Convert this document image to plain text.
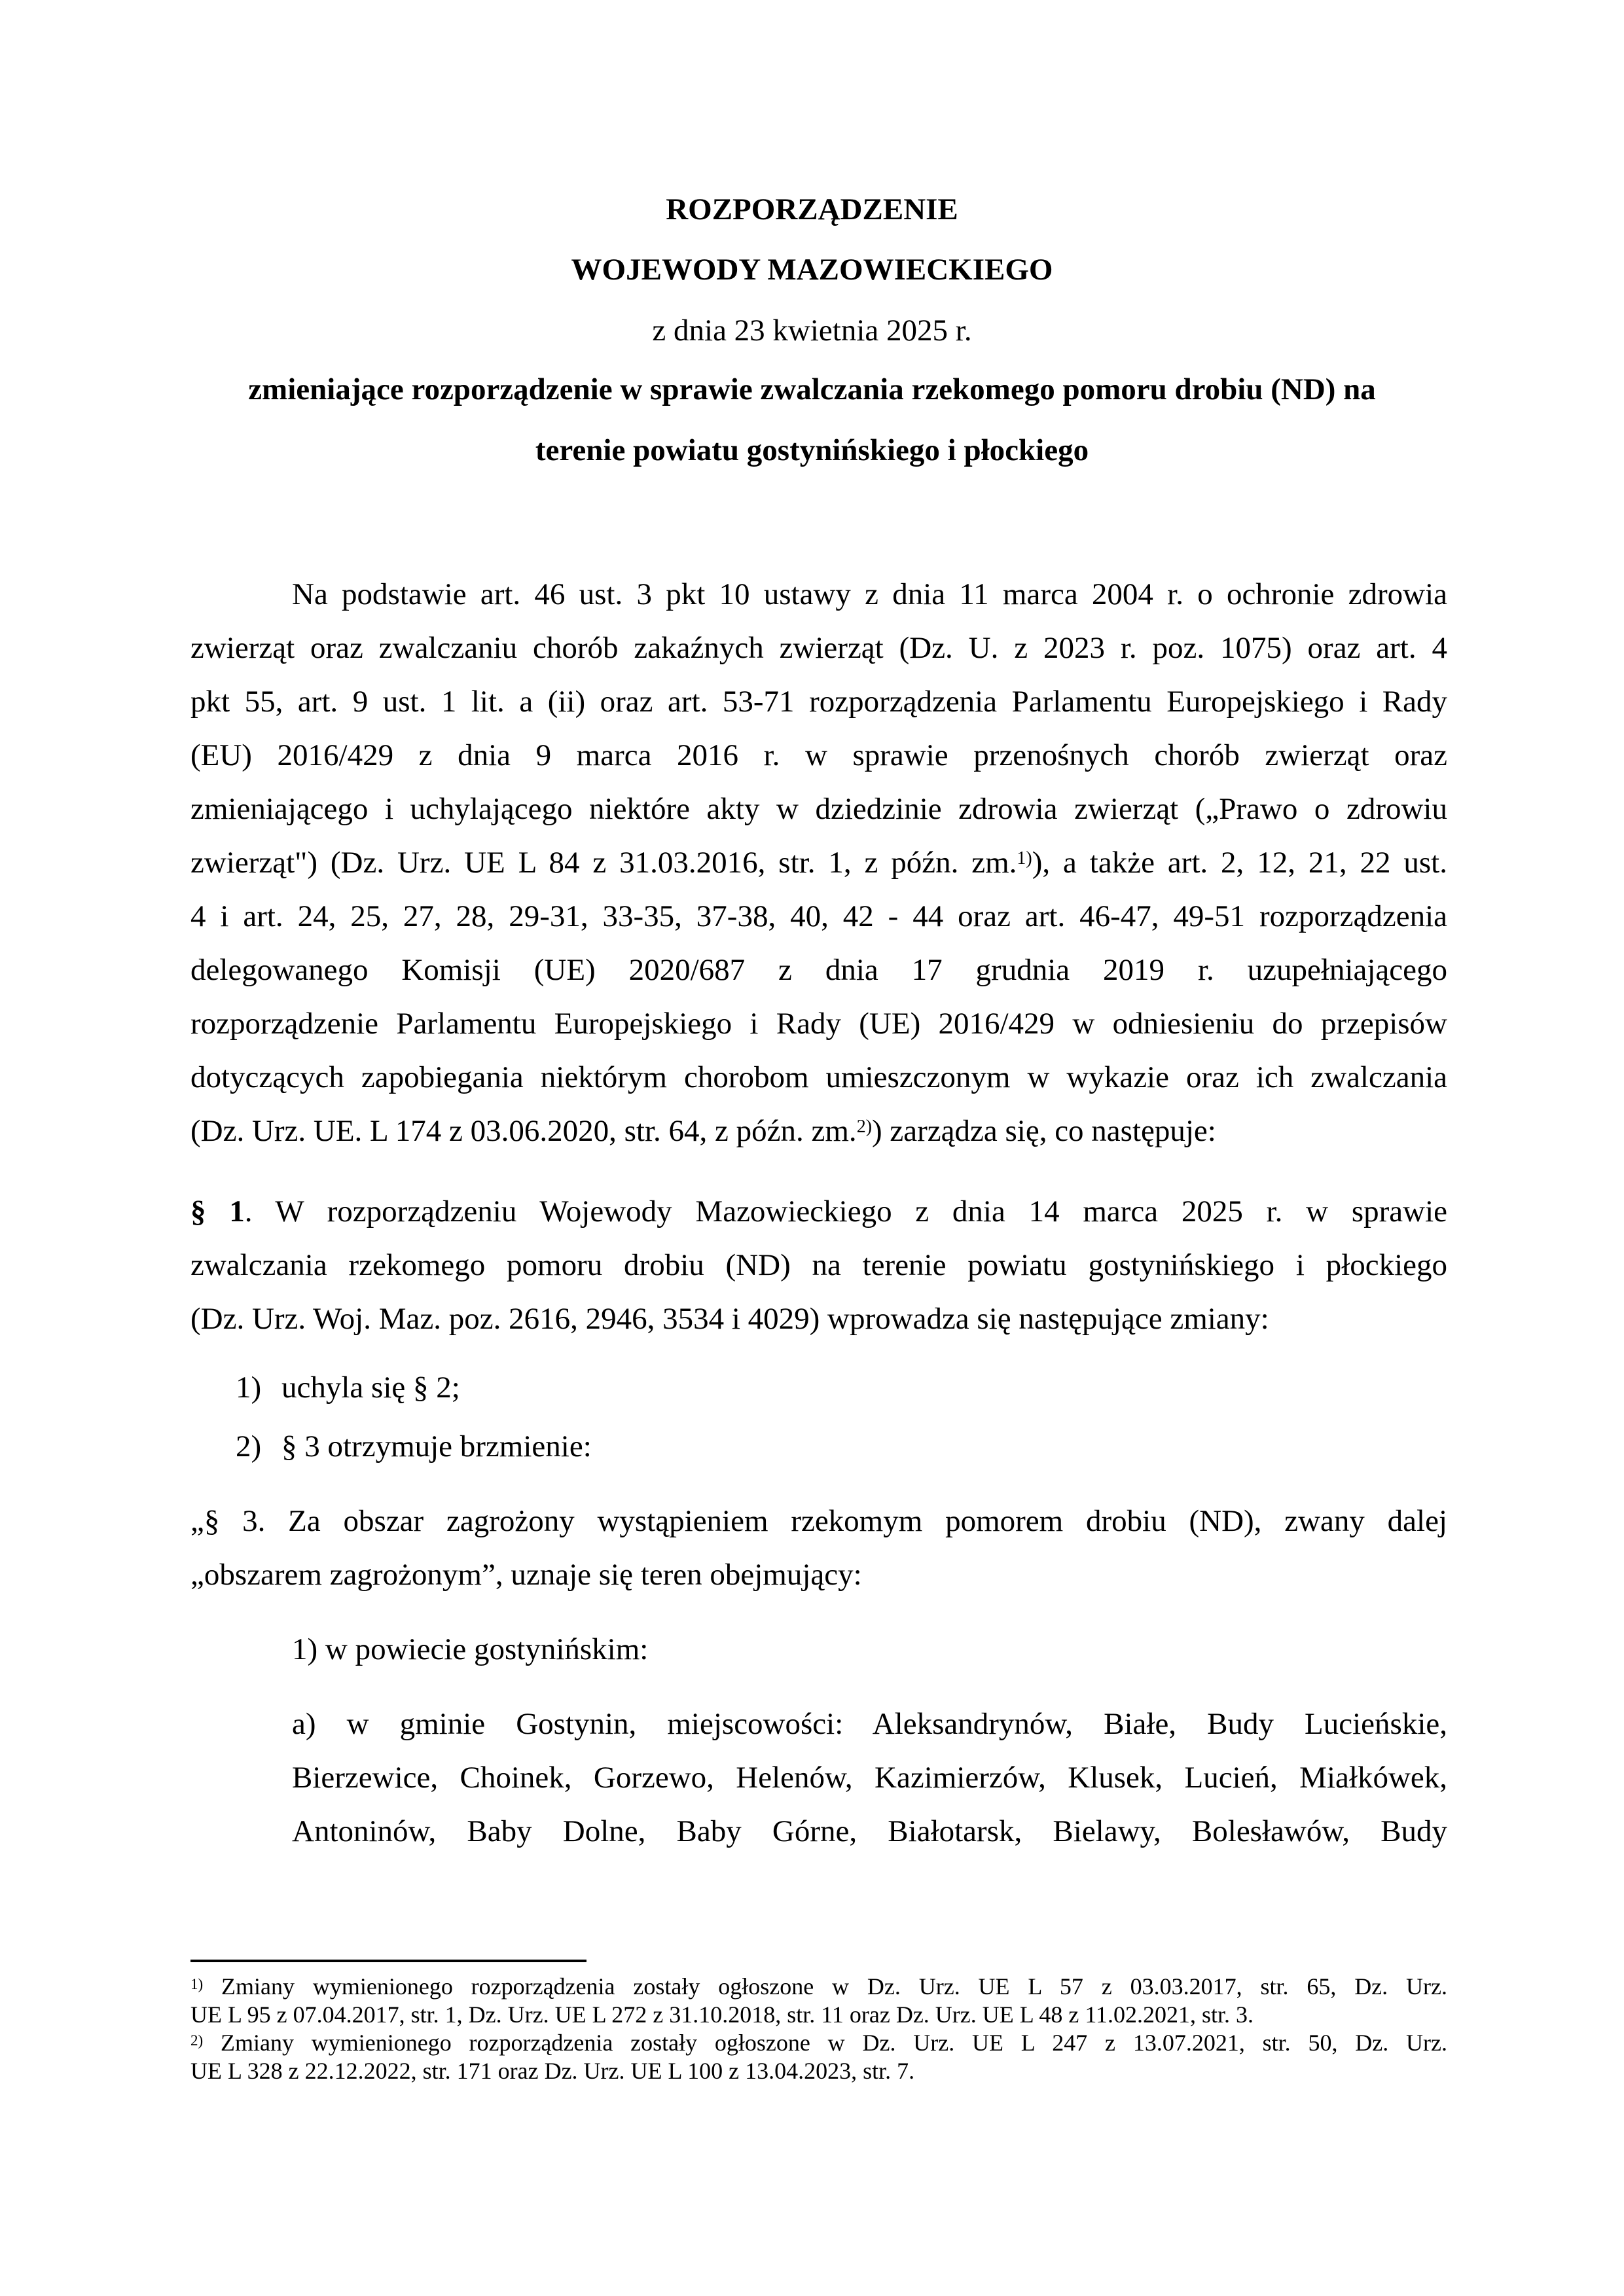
ROZPORZĄDZENIE
WOJEWODY MAZOWIECKIEGO
z dnia 23 kwietnia 2025 r.
zmieniające rozporządzenie w sprawie zwalczania rzekomego pomoru drobiu (ND) na
terenie powiatu gostynińskiego i płockiego
Na podstawie art. 46 ust. 3 pkt 10 ustawy z dnia 11 marca 2004 r. o ochronie zdrowia
zwierząt oraz zwalczaniu chorób zakaźnych zwierząt (Dz. U. z 2023 r. poz. 1075) oraz art. 4
pkt 55, art. 9 ust. 1 lit. a (ii) oraz art. 53-71 rozporządzenia Parlamentu Europejskiego i Rady
(EU) 2016/429 z dnia 9 marca 2016 r. w sprawie przenośnych chorób zwierząt oraz
zmieniającego i uchylającego niektóre akty w dziedzinie zdrowia zwierząt („Prawo o zdrowiu
zwierząt") (Dz. Urz. UE L 84 z 31.03.2016, str. 1, z późn. zm.$^{1)}$), a także art. 2, 12, 21, 22 ust.
4 i art. 24, 25, 27, 28, 29-31, 33-35, 37-38, 40, 42 - 44 oraz art. 46-47, 49-51 rozporządzenia
delegowanego Komisji (UE) 2020/687 z dnia 17 grudnia 2019 r. uzupełniającego
rozporządzenie Parlamentu Europejskiego i Rady (UE) 2016/429 w odniesieniu do przepisów
dotyczących zapobiegania niektórym chorobom umieszczonym w wykazie oraz ich zwalczania
(Dz. Urz. UE. L 174 z 03.06.2020, str. 64, z późn. zm.$^{2)}$) zarządza się, co następuje:
§ 1. W rozporządzeniu Wojewody Mazowieckiego z dnia 14 marca 2025 r. w sprawie
zwalczania rzekomego pomoru drobiu (ND) na terenie powiatu gostynińskiego i płockiego
(Dz. Urz. Woj. Maz. poz. 2616, 2946, 3534 i 4029) wprowadza się następujące zmiany:
1) uchyla się § 2;
2) § 3 otrzymuje brzmienie:
„§ 3. Za obszar zagrożony wystąpieniem rzekomym pomorem drobiu (ND), zwany dalej
„obszarem zagrożonym”, uznaje się teren obejmujący:
1) w powiecie gostynińskim:
a) w gminie Gostynin, miejscowości: Aleksandrynów, Białe, Budy Lucieńskie,
Bierzewice, Choinek, Gorzewo, Helenów, Kazimierzów, Klusek, Lucień, Miałkówek,
Antoninów, Baby Dolne, Baby Górne, Białotarsk, Bielawy, Bolesławów, Budy
$^{1)}$ Zmiany wymienionego rozporządzenia zostały ogłoszone w Dz. Urz. UE L 57 z 03.03.2017, str. 65, Dz. Urz.
UE L 95 z 07.04.2017, str. 1, Dz. Urz. UE L 272 z 31.10.2018, str. 11 oraz Dz. Urz. UE L 48 z 11.02.2021, str. 3.
$^{2)}$ Zmiany wymienionego rozporządzenia zostały ogłoszone w Dz. Urz. UE L 247 z 13.07.2021, str. 50, Dz. Urz.
UE L 328 z 22.12.2022, str. 171 oraz Dz. Urz. UE L 100 z 13.04.2023, str. 7.
